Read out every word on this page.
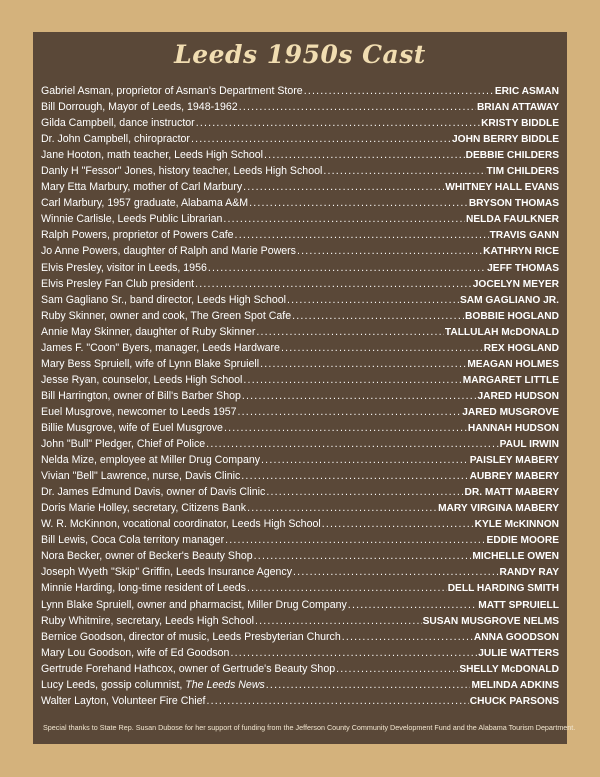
Leeds 1950s Cast
Gabriel Asman, proprietor of Asman's Department Store .....	ERIC ASMAN
Bill Dorrough, Mayor of Leeds, 1948-1962 .....	BRIAN ATTAWAY
Gilda Campbell, dance instructor .....	KRISTY BIDDLE
Dr. John Campbell, chiropractor .....	JOHN BERRY BIDDLE
Jane Hooton, math teacher, Leeds High School .....	DEBBIE CHILDERS
Danly H "Fessor" Jones, history teacher, Leeds High School .....	TIM CHILDERS
Mary Etta Marbury, mother of Carl Marbury .....	WHITNEY HALL EVANS
Carl Marbury, 1957 graduate, Alabama A&M .....	BRYSON THOMAS
Winnie Carlisle, Leeds Public Librarian .....	NELDA FAULKNER
Ralph Powers, proprietor of Powers Cafe .....	TRAVIS GANN
Jo Anne Powers, daughter of Ralph and Marie Powers .....	KATHRYN RICE
Elvis Presley, visitor in Leeds, 1956 .....	JEFF THOMAS
Elvis Presley Fan Club president .....	JOCELYN MEYER
Sam Gagliano Sr., band director, Leeds High School .....	SAM GAGLIANO JR.
Ruby Skinner, owner and cook, The Green Spot Cafe .....	BOBBIE HOGLAND
Annie May Skinner, daughter of Ruby Skinner .....	TALLULAH McDONALD
James F. "Coon" Byers, manager, Leeds Hardware .....	REX HOGLAND
Mary Bess Spruiell, wife of Lynn Blake Spruiell .....	MEAGAN HOLMES
Jesse Ryan, counselor, Leeds High School .....	MARGARET LITTLE
Bill Harrington, owner of Bill's Barber Shop .....	JARED HUDSON
Euel Musgrove, newcomer to Leeds 1957 .....	JARED MUSGROVE
Billie Musgrove, wife of Euel Musgrove .....	HANNAH HUDSON
John "Bull" Pledger, Chief of Police .....	PAUL IRWIN
Nelda Mize, employee at Miller Drug Company .....	PAISLEY MABERY
Vivian "Bell" Lawrence, nurse, Davis Clinic .....	AUBREY MABERY
Dr. James Edmund Davis, owner of Davis Clinic .....	DR. MATT MABERY
Doris Marie Holley, secretary, Citizens Bank .....	MARY VIRGINA MABERY
W. R. McKinnon, vocational coordinator, Leeds High School .....	KYLE McKINNON
Bill Lewis, Coca Cola territory manager .....	EDDIE MOORE
Nora Becker, owner of Becker's Beauty Shop .....	MICHELLE OWEN
Joseph Wyeth "Skip" Griffin, Leeds Insurance Agency .....	RANDY RAY
Minnie Harding, long-time resident of Leeds .....	DELL HARDING SMITH
Lynn Blake Spruiell, owner and pharmacist, Miller Drug Company .....	MATT SPRUIELL
Ruby Whitmire, secretary, Leeds High School .....	SUSAN MUSGROVE NELMS
Bernice Goodson, director of music, Leeds Presbyterian Church .....	ANNA GOODSON
Mary Lou Goodson, wife of Ed Goodson .....	JULIE WATTERS
Gertrude Forehand Hathcox, owner of Gertrude's Beauty Shop .....	SHELLY McDONALD
Lucy Leeds, gossip columnist, The Leeds News .....	MELINDA ADKINS
Walter Layton, Volunteer Fire Chief .....	CHUCK PARSONS
Special thanks to State Rep. Susan Dubose for her support of funding from the Jefferson County Community Development Fund and the Alabama Tourism Department.
